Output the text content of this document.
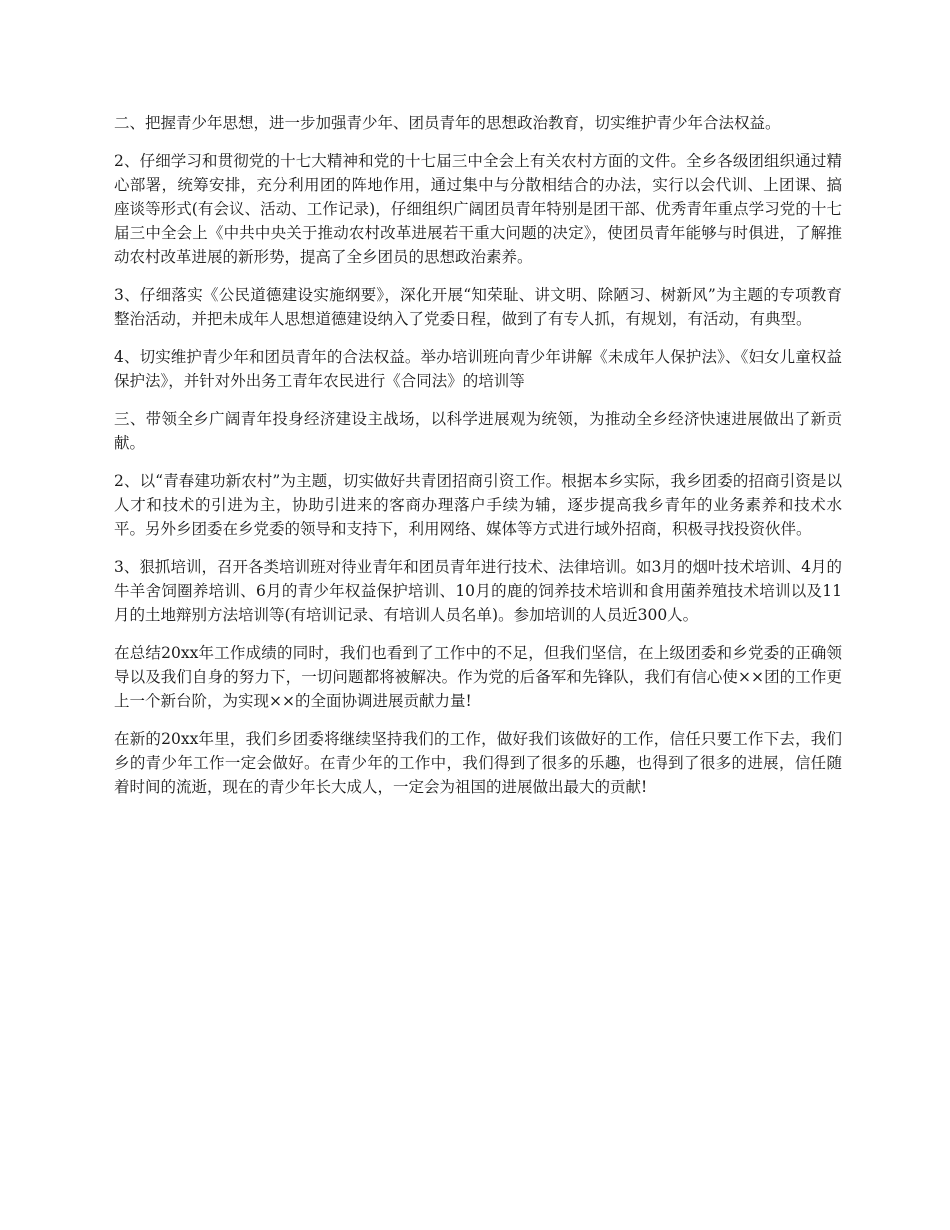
二、把握青少年思想，进一步加强青少年、团员青年的思想政治教育，切实维护青少年合法权益。

2、仔细学习和贯彻党的十七大精神和党的十七届三中全会上有关农村方面的文件。全乡各级团组织通过精心部署，统筹安排，充分利用团的阵地作用，通过集中与分散相结合的办法，实行以会代训、上团课、搞座谈等形式(有会议、活动、工作记录)，仔细组织广阔团员青年特别是团干部、优秀青年重点学习党的十七届三中全会上《中共中央关于推动农村改革进展若干重大问题的决定》，使团员青年能够与时俱进，了解推动农村改革进展的新形势，提高了全乡团员的思想政治素养。

3、仔细落实《公民道德建设实施纲要》，深化开展“知荣耻、讲文明、除陋习、树新风”为主题的专项教育整治活动，并把未成年人思想道德建设纳入了党委日程，做到了有专人抓，有规划，有活动，有典型。

4、切实维护青少年和团员青年的合法权益。举办培训班向青少年讲解《未成年人保护法》、《妇女儿童权益保护法》，并针对外出务工青年农民进行《合同法》的培训等

三、带领全乡广阔青年投身经济建设主战场，以科学进展观为统领，为推动全乡经济快速进展做出了新贡献。

2、以“青春建功新农村”为主题，切实做好共青团招商引资工作。根据本乡实际，我乡团委的招商引资是以人才和技术的引进为主，协助引进来的客商办理落户手续为辅，逐步提高我乡青年的业务素养和技术水平。另外乡团委在乡党委的领导和支持下，利用网络、媒体等方式进行域外招商，积极寻找投资伙伴。

3、狠抓培训，召开各类培训班对待业青年和团员青年进行技术、法律培训。如3月的烟叶技术培训、4月的牛羊舍饲圈养培训、6月的青少年权益保护培训、10月的鹿的饲养技术培训和食用菌养殖技术培训以及11月的土地辩别方法培训等(有培训记录、有培训人员名单)。参加培训的人员近300人。

在总结20xx年工作成绩的同时，我们也看到了工作中的不足，但我们坚信，在上级团委和乡党委的正确领导以及我们自身的努力下，一切问题都将被解决。作为党的后备军和先锋队，我们有信心使××团的工作更上一个新台阶，为实现××的全面协调进展贡献力量!

在新的20xx年里，我们乡团委将继续坚持我们的工作，做好我们该做好的工作，信任只要工作下去，我们乡的青少年工作一定会做好。在青少年的工作中，我们得到了很多的乐趣，也得到了很多的进展，信任随着时间的流逝，现在的青少年长大成人，一定会为祖国的进展做出最大的贡献!
